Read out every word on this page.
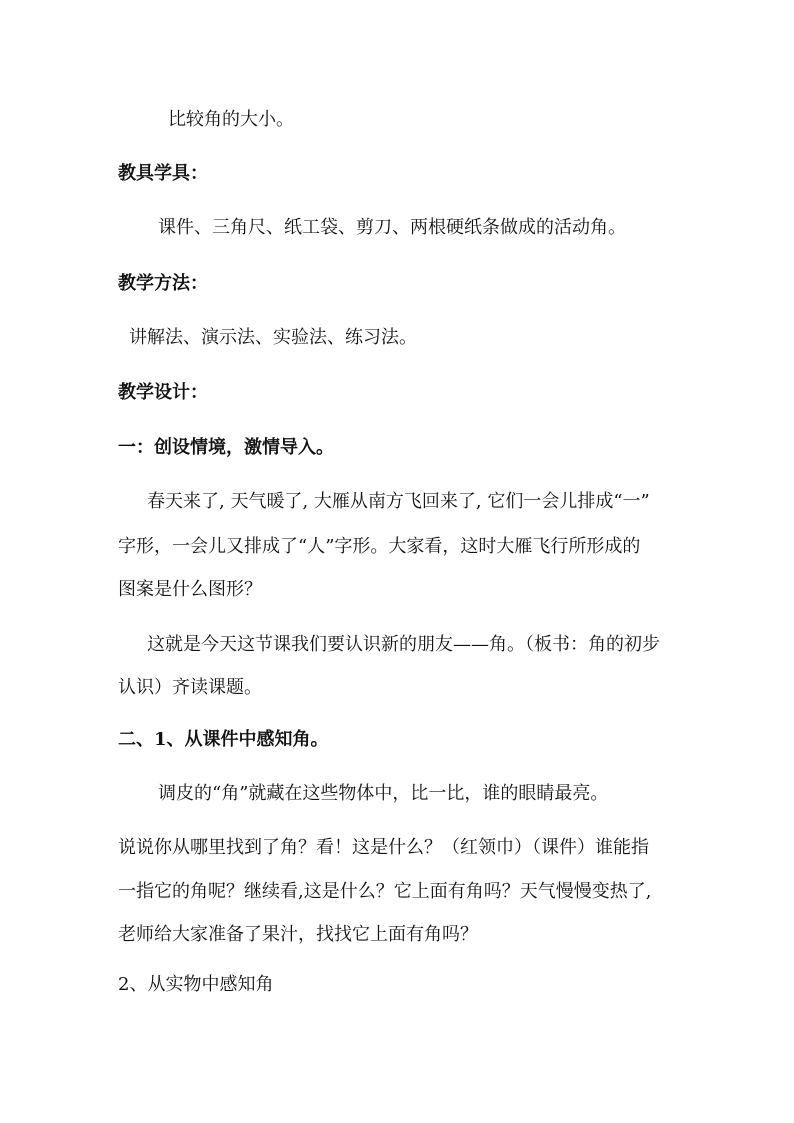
比较角的大小。
教具学具：
课件、三角尺、纸工袋、剪刀、两根硬纸条做成的活动角。
教学方法：
讲解法、演示法、实验法、练习法。
教学设计：
一：创设情境，激情导入。
春天来了, 天气暖了, 大雁从南方飞回来了, 它们一会儿排成“一”
字形，一会儿又排成了“人”字形。大家看，这时大雁飞行所形成的
图案是什么图形？
这就是今天这节课我们要认识新的朋友——角。（板书：角的初步
认识）齐读课题。
二、1、从课件中感知角。
调皮的“角”就藏在这些物体中，比一比，谁的眼睛最亮。
说说你从哪里找到了角？看！这是什么？（红领巾）（课件）谁能指
一指它的角呢？继续看,这是什么？它上面有角吗？天气慢慢变热了,
老师给大家准备了果汁，找找它上面有角吗？
2、从实物中感知角
